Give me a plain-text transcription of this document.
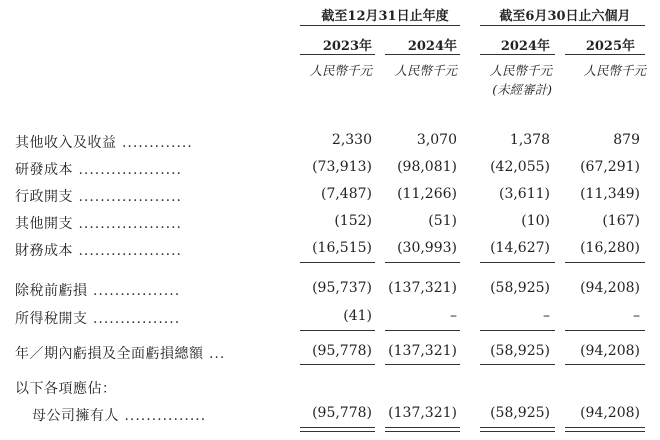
截至12月31日止年度	截至6月30日止六個月
2023年	2024年	2024年	2025年
人民幣千元	人民幣千元	人民幣千元	人民幣千元
(未經審計)
其他收入及收益 .............	2,330	3,070	1,378	879
研發成本 ...................	(73,913)	(98,081)	(42,055)	(67,291)
行政開支 ...................	(7,487)	(11,266)	(3,611)	(11,349)
其他開支 ...................	(152)	(51)	(10)	(167)
財務成本 ...................	(16,515)	(30,993)	(14,627)	(16,280)
除稅前虧損 ................	(95,737)	(137,321)	(58,925)	(94,208)
所得稅開支 ................	(41)	–	–	–
年／期內虧損及全面虧損總額 ...	(95,778)	(137,321)	(58,925)	(94,208)
以下各項應佔：
母公司擁有人 ...............	(95,778)	(137,321)	(58,925)	(94,208)
